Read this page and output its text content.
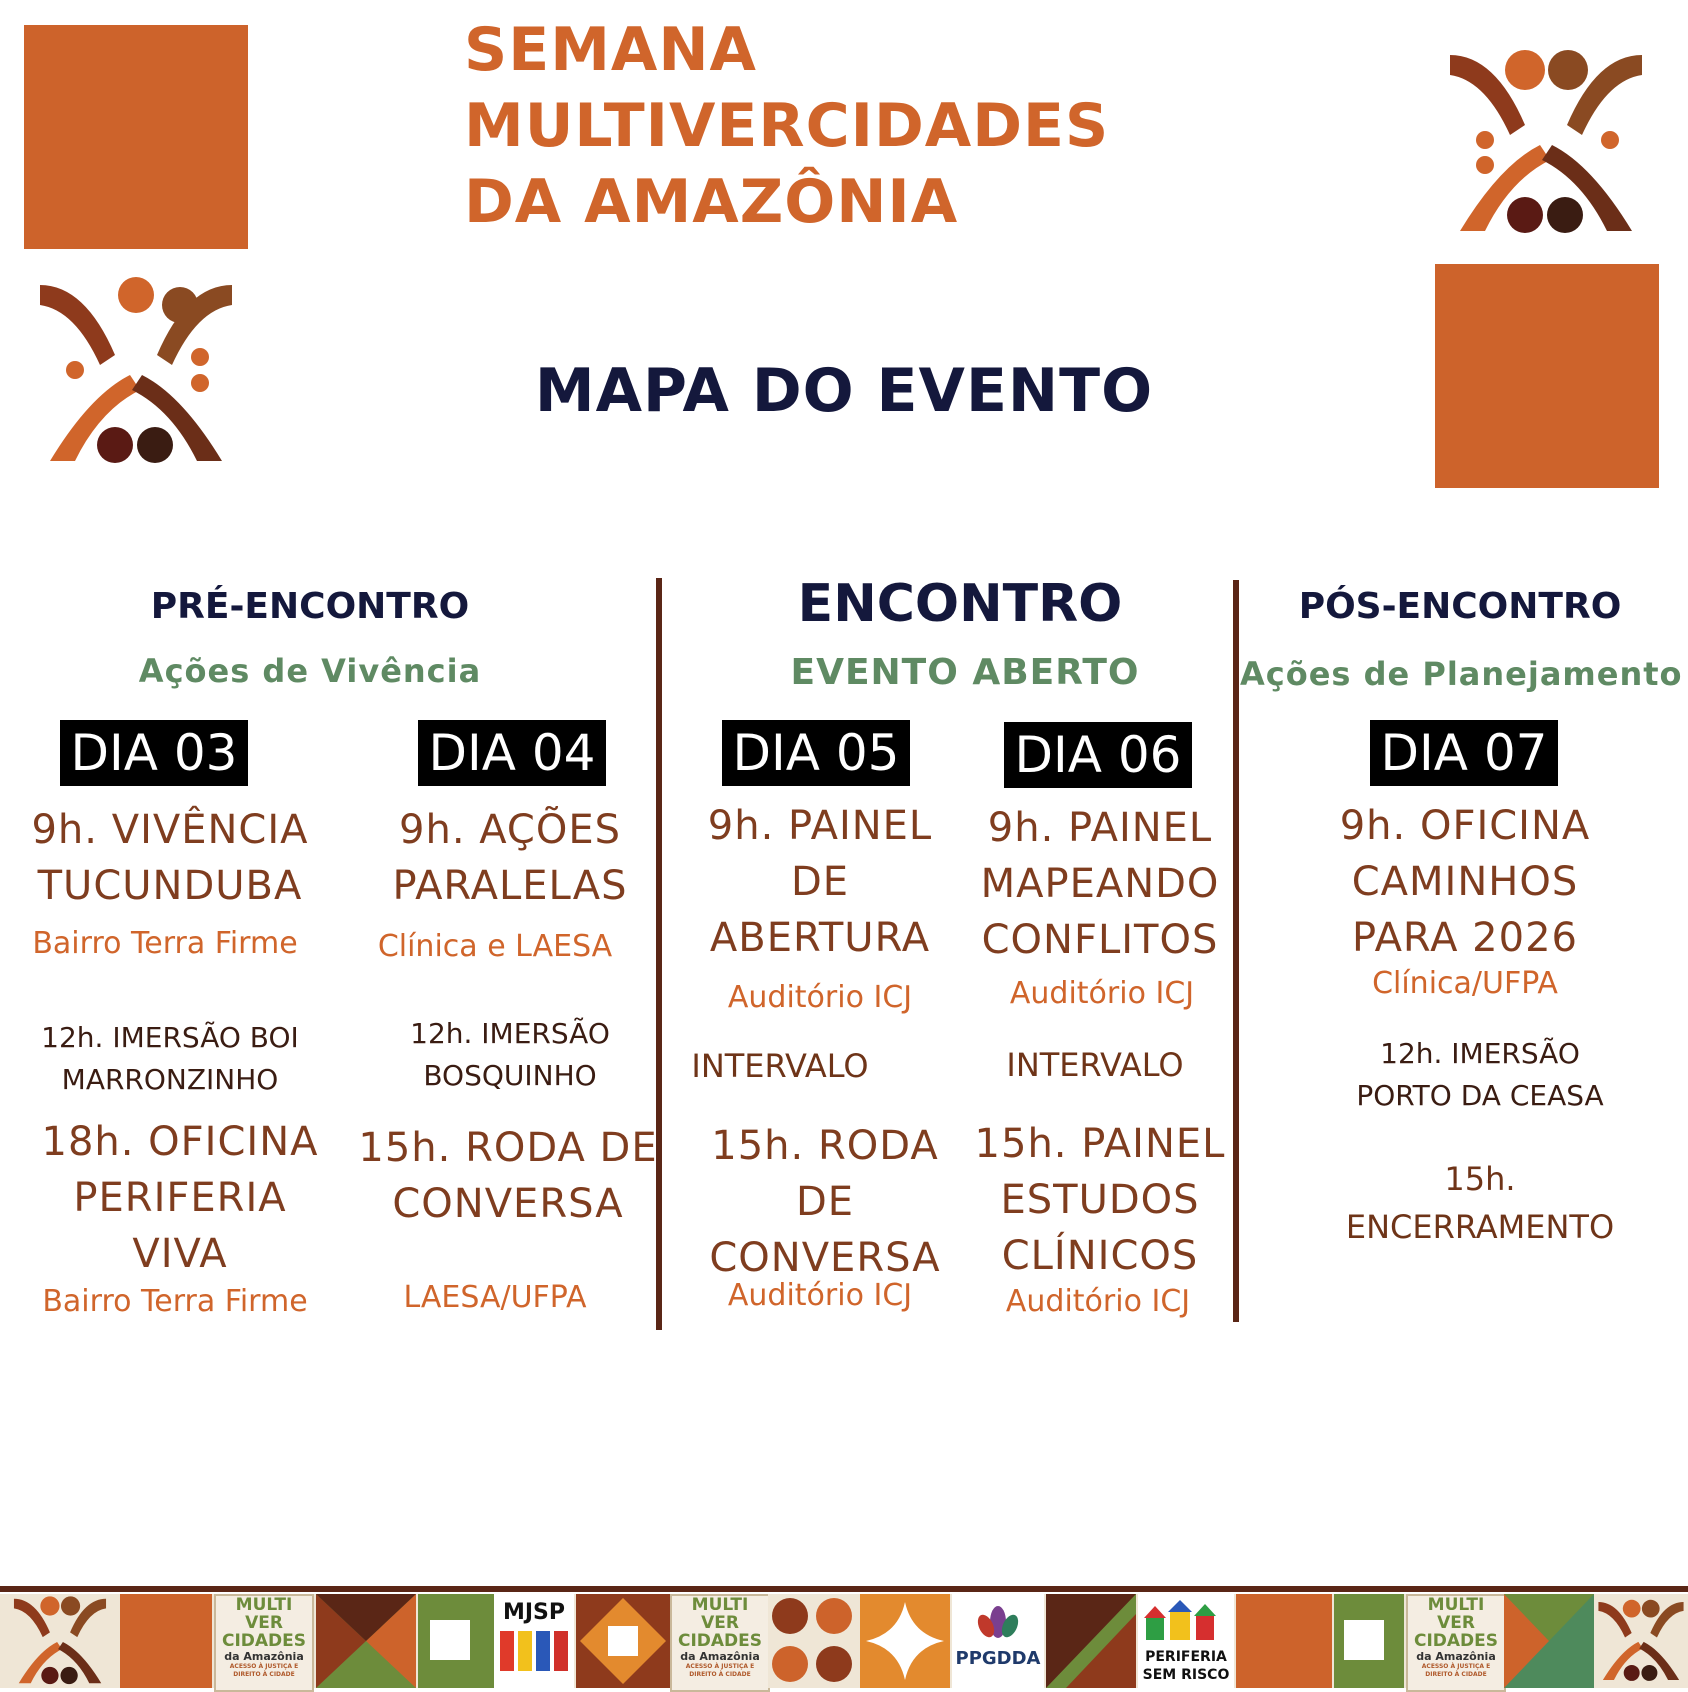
SEMANA
MULTIVERCIDADES
DA AMAZÔNIA
MAPA DO EVENTO
PRÉ-ENCONTRO
Ações de Vivência
ENCONTRO
EVENTO ABERTO
PÓS-ENCONTRO
Ações de Planejamento
DIA 03
9h. VIVÊNCIA
TUCUNDUBA
Bairro Terra Firme
12h. IMERSÃO BOI
MARRONZINHO
18h. OFICINA
PERIFERIA
VIVA
Bairro Terra Firme
DIA 04
9h. AÇÕES
PARALELAS
Clínica e LAESA
12h. IMERSÃO
BOSQUINHO
15h. RODA DE
CONVERSA
LAESA/UFPA
DIA 05
9h. PAINEL
DE
ABERTURA
Auditório ICJ
INTERVALO
15h. RODA DE
CONVERSA
Auditório ICJ
DIA 06
9h. PAINEL
MAPEANDO
CONFLITOS
Auditório ICJ
INTERVALO
15h. PAINEL
ESTUDOS
CLÍNICOS
Auditório ICJ
DIA 07
9h. OFICINA
CAMINHOS
PARA 2026
Clínica/UFPA
12h. IMERSÃO
PORTO DA CEASA
15h.
ENCERRAMENTO
MULTI
VER
CIDADES
da Amazônia
ACESSO À JUSTIÇA E DIREITO À CIDADE
MJSP	MULTI
VER
CIDADES
da Amazônia
ACESSO À JUSTIÇA E DIREITO À CIDADE
PPGDDA	PERIFERIA
SEM RISCO
MULTI
VER
CIDADES
da Amazônia
ACESSO À JUSTIÇA E DIREITO À CIDADE
